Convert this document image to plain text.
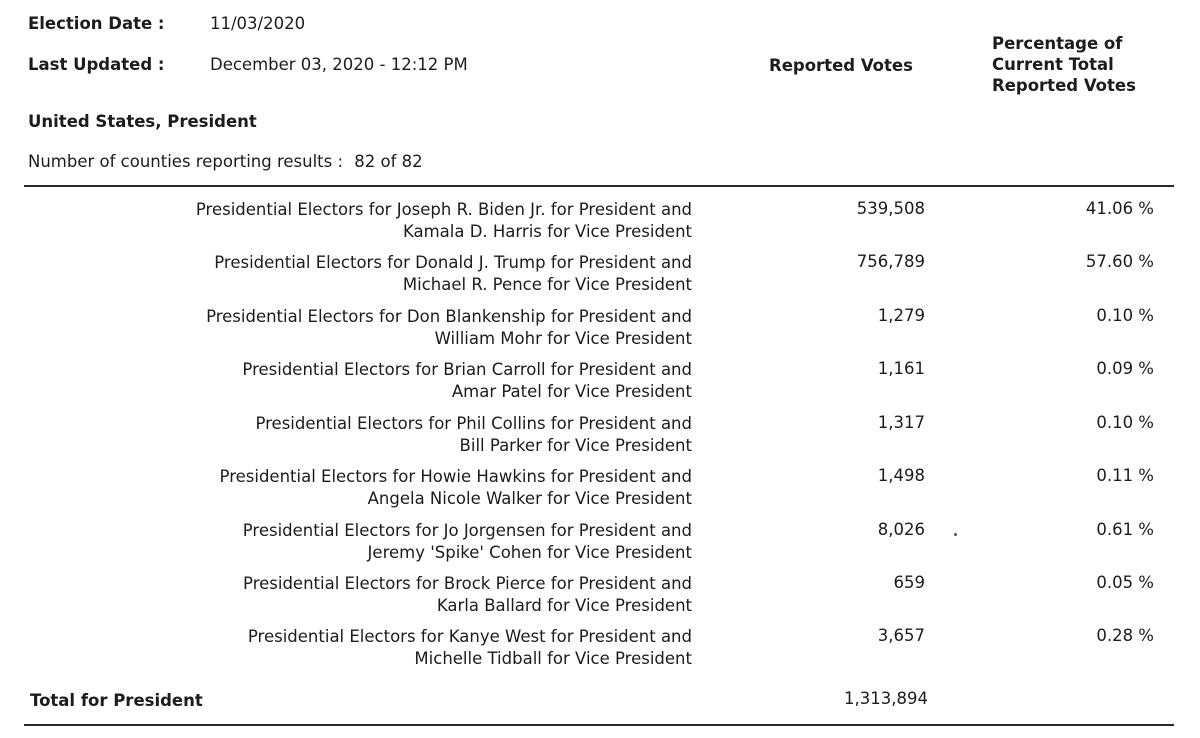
Election Date :	11/03/2020
Last Updated :	December 03, 2020 - 12:12 PM	Reported Votes
Percentage of
Current Total
Reported Votes
United States, President
Number of counties reporting results : 82 of 82
Presidential Electors for Joseph R. Biden Jr. for President and
Kamala D. Harris for Vice President
539,508	41.06 %
Presidential Electors for Donald J. Trump for President and
Michael R. Pence for Vice President
756,789	57.60 %
Presidential Electors for Don Blankenship for President and
William Mohr for Vice President
1,279	0.10 %
Presidential Electors for Brian Carroll for President and
Amar Patel for Vice President
1,161	0.09 %
Presidential Electors for Phil Collins for President and
Bill Parker for Vice President
1,317	0.10 %
Presidential Electors for Howie Hawkins for President and
Angela Nicole Walker for Vice President
1,498	0.11 %
Presidential Electors for Jo Jorgensen for President and
Jeremy 'Spike' Cohen for Vice President
8,026	0.61 %
Presidential Electors for Brock Pierce for President and
Karla Ballard for Vice President
659	0.05 %
Presidential Electors for Kanye West for President and
Michelle Tidball for Vice President
3,657	0.28 %
Total for President	1,313,894
